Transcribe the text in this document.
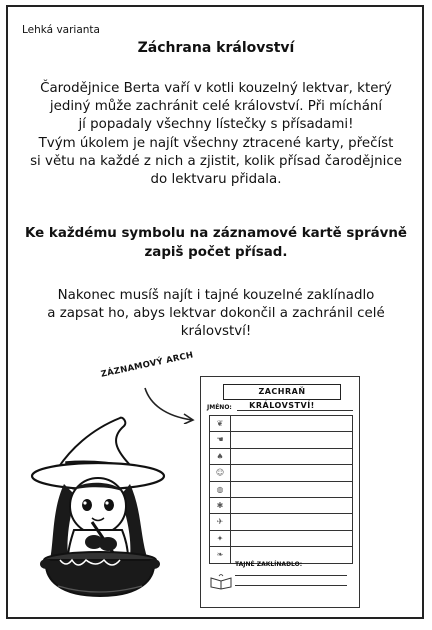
Lehká varianta
Záchrana království
Čarodějnice Berta vaří v kotli kouzelný lektvar, který
jediný může zachránit celé království. Při míchání
jí popadaly všechny lístečky s přísadami!
Tvým úkolem je najít všechny ztracené karty, přečíst
si větu na každé z nich a zjistit, kolik přísad čarodějnice
do lektvaru přidala.
Ke každému symbolu na záznamové kartě správně
zapiš počet přísad.
Nakonec musíš najít i tajné kouzelné zaklínadlo
a zapsat ho, abys lektvar dokončil a zachránil celé
království!
ZÁZNAMOVÝ ARCH
ZACHRAŇ KRÁLOVSTVÍ!
JMÉNO:
❦
☚
♠
☺
◍
✱
✈
✦
❧
TAJNÉ ZAKLÍNADLO:
